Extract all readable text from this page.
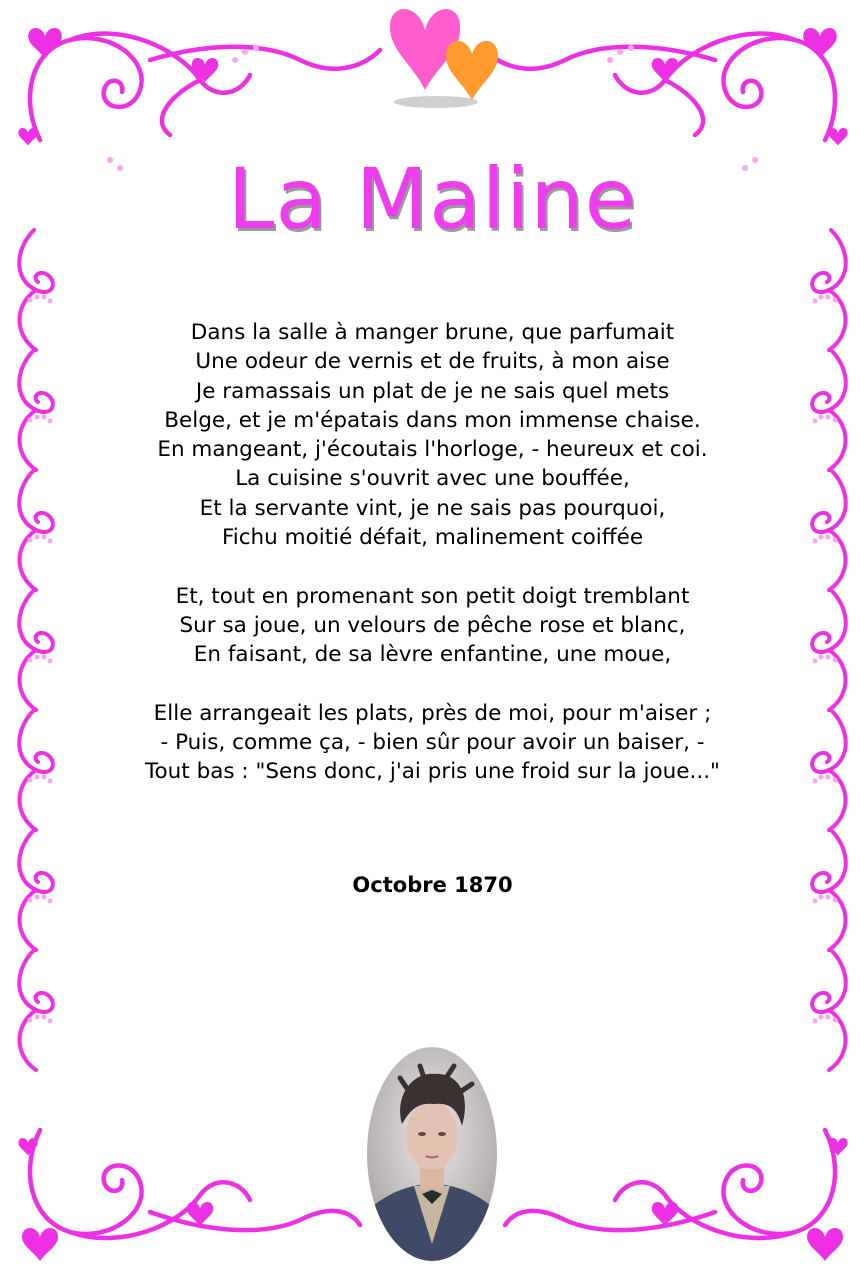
La Maline
Dans la salle à manger brune, que parfumait
Une odeur de vernis et de fruits, à mon aise
Je ramassais un plat de je ne sais quel mets
Belge, et je m'épatais dans mon immense chaise.
En mangeant, j'écoutais l'horloge, - heureux et coi.
La cuisine s'ouvrit avec une bouffée,
Et la servante vint, je ne sais pas pourquoi,
Fichu moitié défait, malinement coiffée
Et, tout en promenant son petit doigt tremblant
Sur sa joue, un velours de pêche rose et blanc,
En faisant, de sa lèvre enfantine, une moue,
Elle arrangeait les plats, près de moi, pour m'aiser ;
- Puis, comme ça, - bien sûr pour avoir un baiser, -
Tout bas : "Sens donc, j'ai pris une froid sur la joue..."
Octobre 1870
